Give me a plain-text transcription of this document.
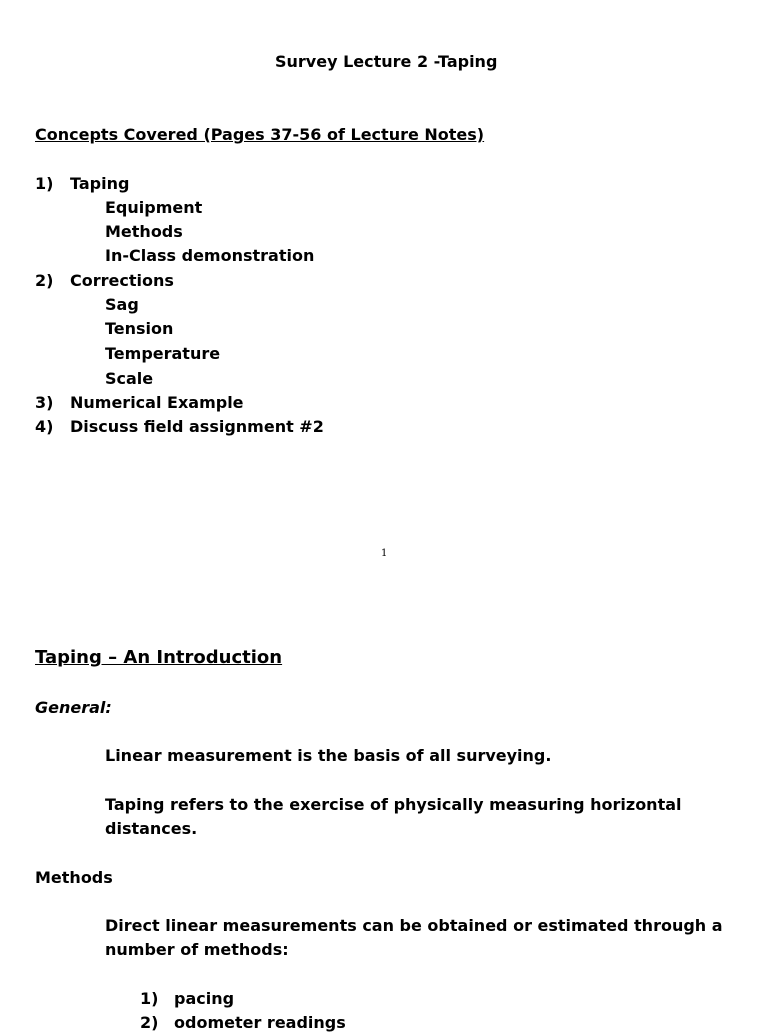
Survey Lecture 2 -Taping
Concepts Covered (Pages 37-56 of Lecture Notes)
1) Taping
Equipment
Methods
In-Class demonstration
2) Corrections
Sag
Tension
Temperature
Scale
3) Numerical Example
4) Discuss field assignment #2
1
Taping – An Introduction
General:
Linear measurement is the basis of all surveying.
Taping refers to the exercise of physically measuring horizontal
distances.
Methods
Direct linear measurements can be obtained or estimated through a
number of methods:
1) pacing
2) odometer readings
